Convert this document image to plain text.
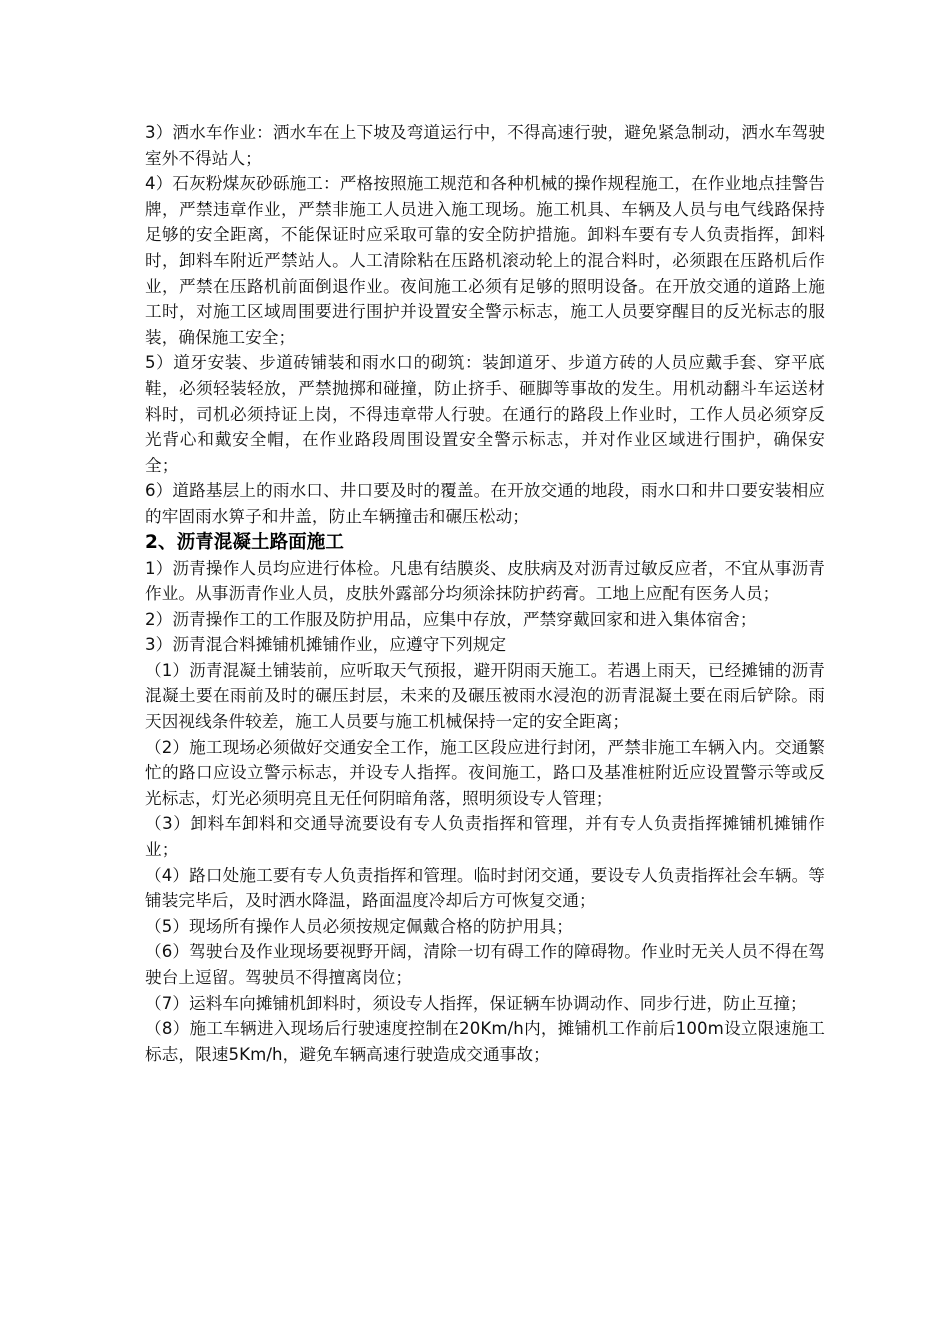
3）洒水车作业：洒水车在上下坡及弯道运行中，不得高速行驶，避免紧急制动，洒水车驾驶室外不得站人；

4）石灰粉煤灰砂砾施工：严格按照施工规范和各种机械的操作规程施工，在作业地点挂警告牌，严禁违章作业，严禁非施工人员进入施工现场。施工机具、车辆及人员与电气线路保持足够的安全距离，不能保证时应采取可靠的安全防护措施。卸料车要有专人负责指挥，卸料时，卸料车附近严禁站人。人工清除粘在压路机滚动轮上的混合料时，必须跟在压路机后作业，严禁在压路机前面倒退作业。夜间施工必须有足够的照明设备。在开放交通的道路上施工时，对施工区域周围要进行围护并设置安全警示标志，施工人员要穿醒目的反光标志的服装，确保施工安全；

5）道牙安装、步道砖铺装和雨水口的砌筑：装卸道牙、步道方砖的人员应戴手套、穿平底鞋，必须轻装轻放，严禁抛掷和碰撞，防止挤手、砸脚等事故的发生。用机动翻斗车运送材料时，司机必须持证上岗，不得违章带人行驶。在通行的路段上作业时，工作人员必须穿反光背心和戴安全帽，在作业路段周围设置安全警示标志，并对作业区域进行围护，确保安全；

6）道路基层上的雨水口、井口要及时的覆盖。在开放交通的地段，雨水口和井口要安装相应的牢固雨水箅子和井盖，防止车辆撞击和碾压松动；

2、沥青混凝土路面施工

1）沥青操作人员均应进行体检。凡患有结膜炎、皮肤病及对沥青过敏反应者，不宜从事沥青作业。从事沥青作业人员，皮肤外露部分均须涂抹防护药膏。工地上应配有医务人员；

2）沥青操作工的工作服及防护用品，应集中存放，严禁穿戴回家和进入集体宿舍；

3）沥青混合料摊铺机摊铺作业，应遵守下列规定

（1）沥青混凝土铺装前，应听取天气预报，避开阴雨天施工。若遇上雨天，已经摊铺的沥青混凝土要在雨前及时的碾压封层，未来的及碾压被雨水浸泡的沥青混凝土要在雨后铲除。雨天因视线条件较差，施工人员要与施工机械保持一定的安全距离；

（2）施工现场必须做好交通安全工作，施工区段应进行封闭，严禁非施工车辆入内。交通繁忙的路口应设立警示标志，并设专人指挥。夜间施工，路口及基准桩附近应设置警示等或反光标志，灯光必须明亮且无任何阴暗角落，照明须设专人管理；

（3）卸料车卸料和交通导流要设有专人负责指挥和管理，并有专人负责指挥摊铺机摊铺作业；

（4）路口处施工要有专人负责指挥和管理。临时封闭交通，要设专人负责指挥社会车辆。等铺装完毕后，及时洒水降温，路面温度冷却后方可恢复交通；

（5）现场所有操作人员必须按规定佩戴合格的防护用具；

（6）驾驶台及作业现场要视野开阔，清除一切有碍工作的障碍物。作业时无关人员不得在驾驶台上逗留。驾驶员不得擅离岗位；

（7）运料车向摊铺机卸料时，须设专人指挥，保证辆车协调动作、同步行进，防止互撞；

（8）施工车辆进入现场后行驶速度控制在20Km/h内，摊铺机工作前后100m设立限速施工标志，限速5Km/h，避免车辆高速行驶造成交通事故；
